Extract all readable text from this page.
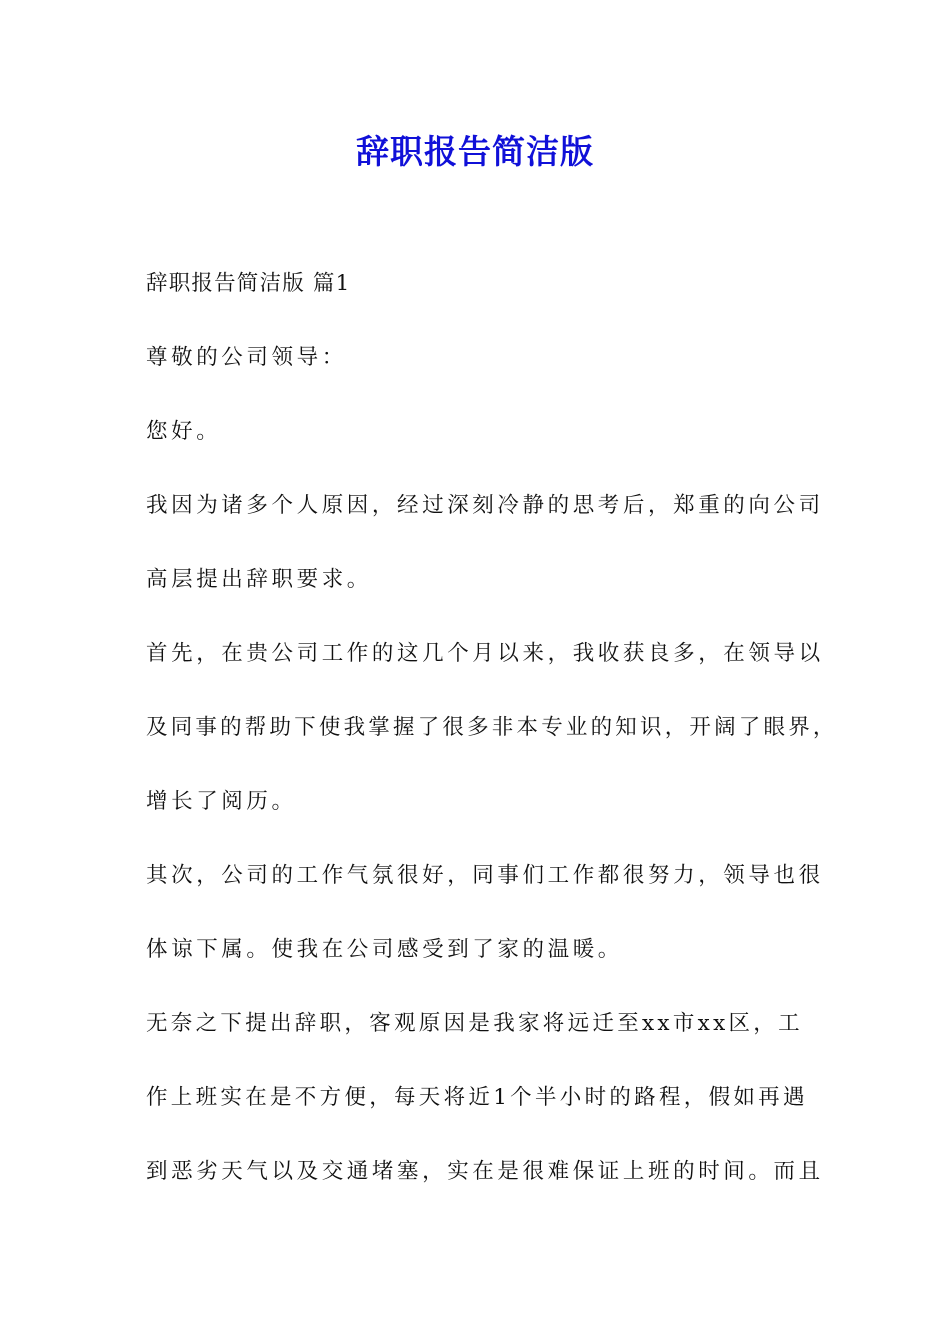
辞职报告简洁版
辞职报告简洁版 篇1
尊敬的公司领导：
您好。
我因为诸多个人原因，经过深刻冷静的思考后，郑重的向公司
高层提出辞职要求。
首先，在贵公司工作的这几个月以来，我收获良多，在领导以
及同事的帮助下使我掌握了很多非本专业的知识，开阔了眼界，
增长了阅历。
其次，公司的工作气氛很好，同事们工作都很努力，领导也很
体谅下属。使我在公司感受到了家的温暖。
无奈之下提出辞职，客观原因是我家将远迁至xx市xx区，工
作上班实在是不方便，每天将近1个半小时的路程，假如再遇
到恶劣天气以及交通堵塞，实在是很难保证上班的时间。而且
